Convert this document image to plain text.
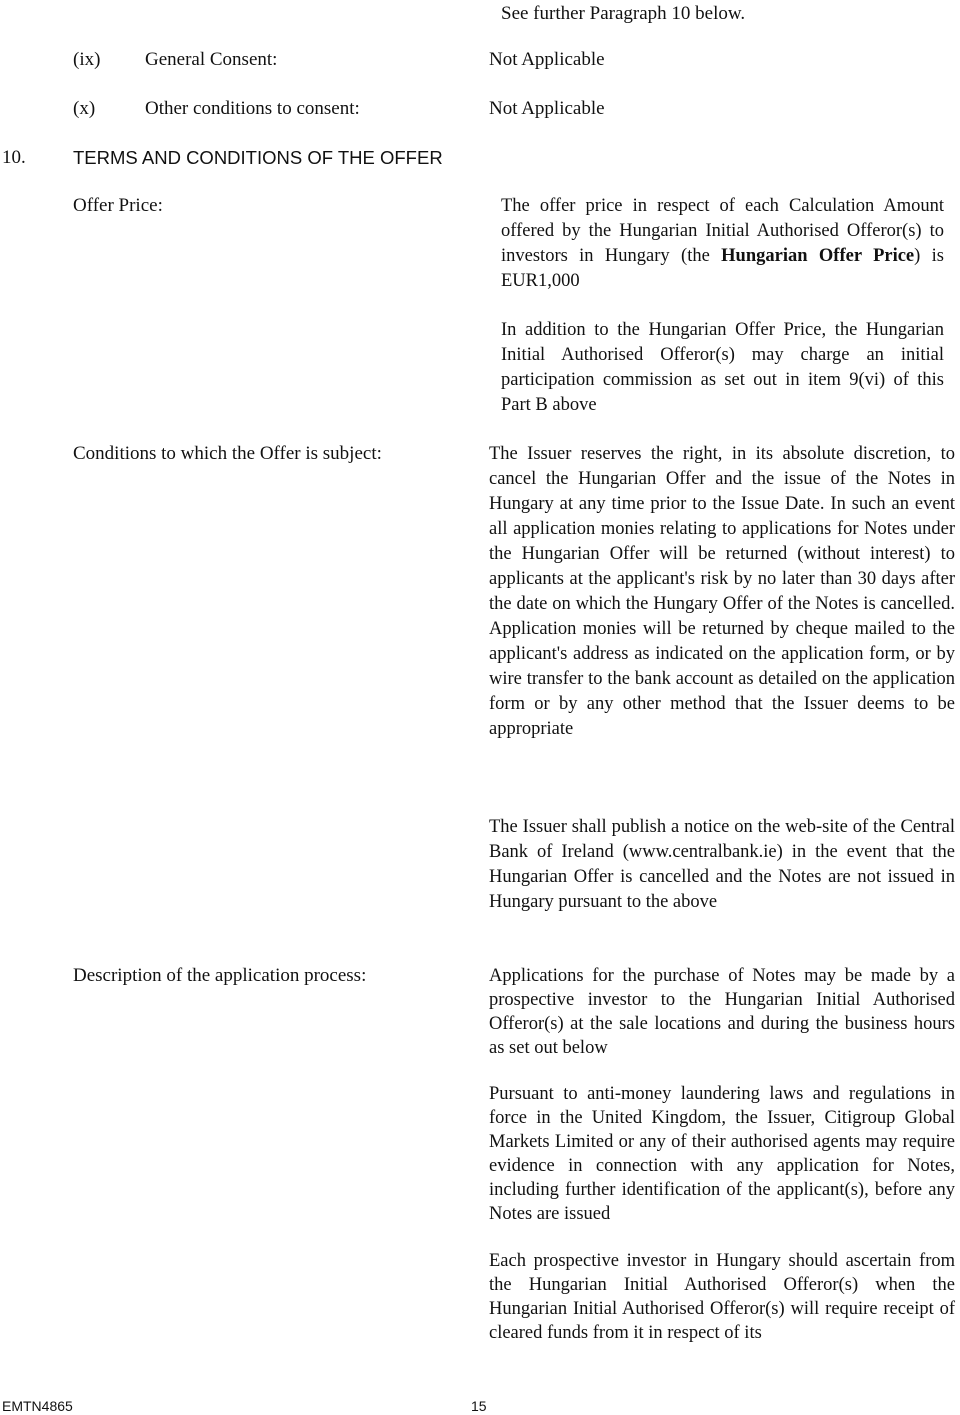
See further Paragraph 10 below.
(ix) General Consent:	Not Applicable
(x)	Other conditions to consent:	Not Applicable
10.	TERMS AND CONDITIONS OF THE OFFER
Offer Price:	The offer price in respect of each Calculation Amount offered by the Hungarian Initial Authorised Offeror(s) to investors in Hungary (the Hungarian Offer Price) is EUR1,000
In addition to the Hungarian Offer Price, the Hungarian Initial Authorised Offeror(s) may charge an initial participation commission as set out in item 9(vi) of this Part B above
Conditions to which the Offer is subject:	The Issuer reserves the right, in its absolute discretion, to cancel the Hungarian Offer and the issue of the Notes in Hungary at any time prior to the Issue Date. In such an event all application monies relating to applications for Notes under the Hungarian Offer will be returned (without interest) to applicants at the applicant's risk by no later than 30 days after the date on which the Hungary Offer of the Notes is cancelled. Application monies will be returned by cheque mailed to the applicant's address as indicated on the application form, or by wire transfer to the bank account as detailed on the application form or by any other method that the Issuer deems to be appropriate
The Issuer shall publish a notice on the web-site of the Central Bank of Ireland (www.centralbank.ie) in the event that the Hungarian Offer is cancelled and the Notes are not issued in Hungary pursuant to the above
Description of the application process:	Applications for the purchase of Notes may be made by a prospective investor to the Hungarian Initial Authorised Offeror(s) at the sale locations and during the business hours as set out below
Pursuant to anti-money laundering laws and regulations in force in the United Kingdom, the Issuer, Citigroup Global Markets Limited or any of their authorised agents may require evidence in connection with any application for Notes, including further identification of the applicant(s), before any Notes are issued
Each prospective investor in Hungary should ascertain from the Hungarian Initial Authorised Offeror(s) when the Hungarian Initial Authorised Offeror(s) will require receipt of cleared funds from it in respect of its
EMTN4865	15
